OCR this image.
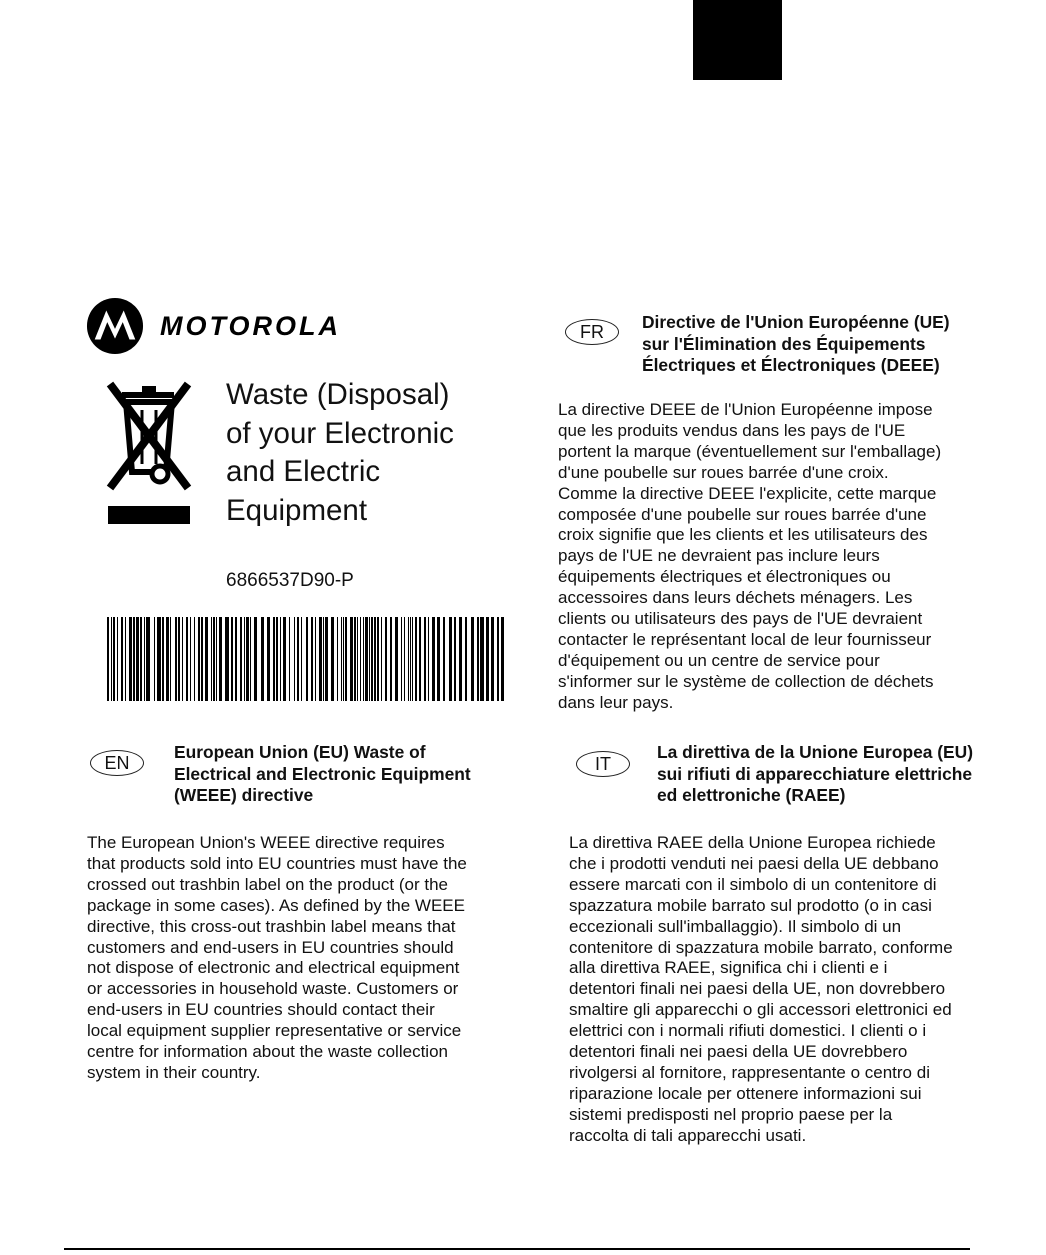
MOTOROLA
Waste (Disposal)
of your Electronic
and Electric
Equipment
6866537D90-P
EN
European Union (EU) Waste of
Electrical and Electronic Equipment
(WEEE) directive
The European Union's WEEE directive requires
that products sold into EU countries must have the
crossed out trashbin label on the product (or the
package in some cases). As defined by the WEEE
directive, this cross-out trashbin label means that
customers and end-users in EU countries should
not dispose of electronic and electrical equipment
or accessories in household waste. Customers or
end-users in EU countries should contact their
local equipment supplier representative or service
centre for information about the waste collection
system in their country.
FR	Directive de l'Union Européenne (UE)
sur l'Élimination des Équipements
Électriques et Électroniques (DEEE)
La directive DEEE de l'Union Européenne impose
que les produits vendus dans les pays de l'UE
portent la marque (éventuellement sur l'emballage)
d'une poubelle sur roues barrée d'une croix.
Comme la directive DEEE l'explicite, cette marque
composée d'une poubelle sur roues barrée d'une
croix signifie que les clients et les utilisateurs des
pays de l'UE ne devraient pas inclure leurs
équipements électriques et électroniques ou
accessoires dans leurs déchets ménagers. Les
clients ou utilisateurs des pays de l'UE devraient
contacter le représentant local de leur fournisseur
d'équipement ou un centre de service pour
s'informer sur le système de collection de déchets
dans leur pays.
IT
La direttiva de la Unione Europea (EU)
sui rifiuti di apparecchiature elettriche
ed elettroniche (RAEE)
La direttiva RAEE della Unione Europea richiede
che i prodotti venduti nei paesi della UE debbano
essere marcati con il simbolo di un contenitore di
spazzatura mobile barrato sul prodotto (o in casi
eccezionali sull'imballaggio). Il simbolo di un
contenitore di spazzatura mobile barrato, conforme
alla direttiva RAEE, significa chi i clienti e i
detentori finali nei paesi della UE, non dovrebbero
smaltire gli apparecchi o gli accessori elettronici ed
elettrici con i normali rifiuti domestici. I clienti o i
detentori finali nei paesi della UE dovrebbero
rivolgersi al fornitore, rappresentante o centro di
riparazione locale per ottenere informazioni sui
sistemi predisposti nel proprio paese per la
raccolta di tali apparecchi usati.
